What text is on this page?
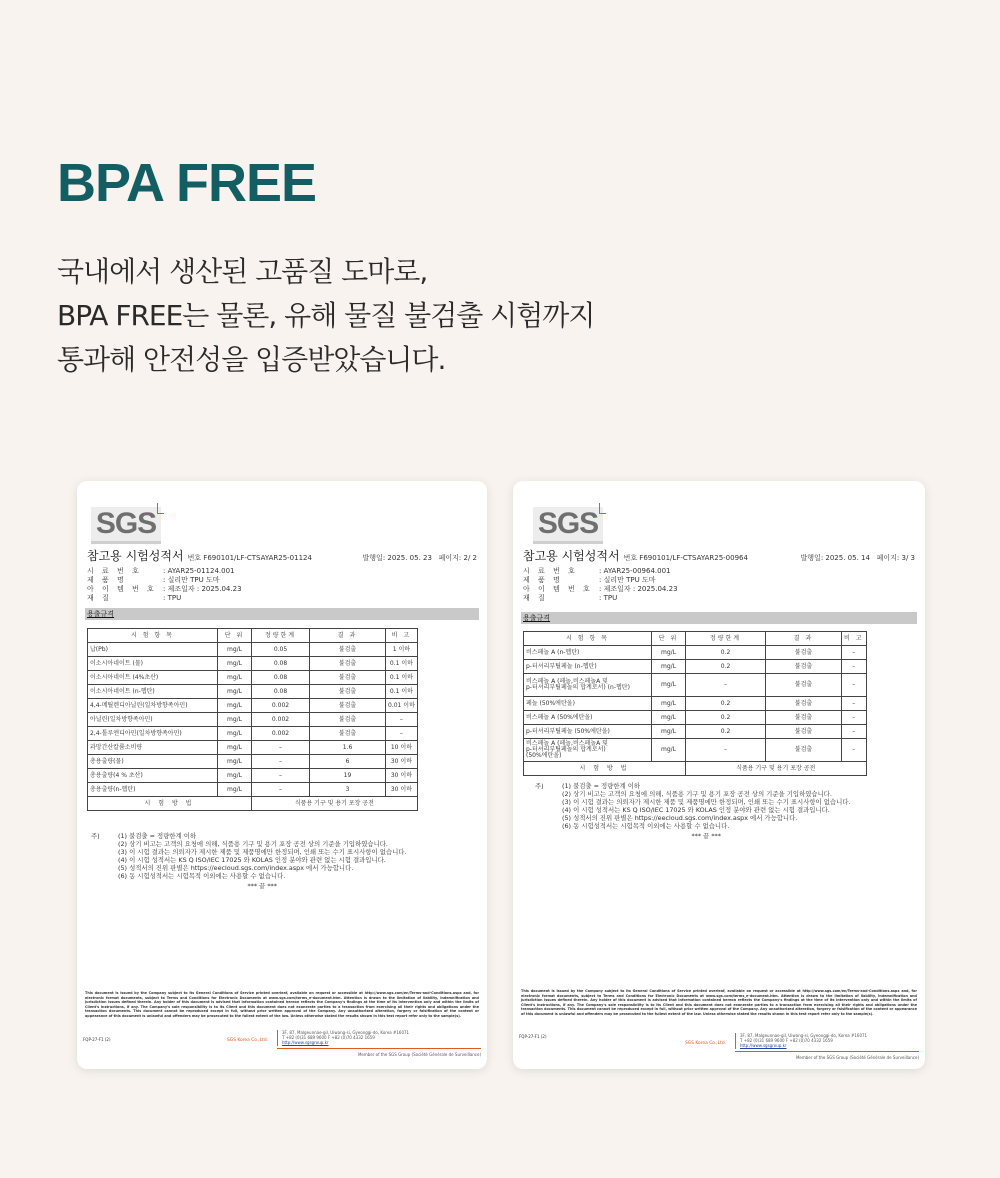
BPA FREE
국내에서 생산된 고품질 도마로,
BPA FREE는 물론, 유해 물질 불검출 시험까지
통과해 안전성을 입증받았습니다.
SGS
참고용 시험성적서 번호 F690101/LF-CTSAYAR25-01124	발행일: 2025. 05. 23 페이지: 2/ 2
시 료 번 호	: AYAR25-01124.001
제 품 명	: 실리만 TPU 도마
아 이 템 번 호 : 제조일자 : 2025.04.23
재 질	: TPU
용출규격
시 험 항 목	단 위	정량한계	결 과	비 고
납(Pb)	mg/L	0.05	불검출	1 이하
이소시아네이트 (물)	mg/L	0.08	불검출	0.1 이하
이소시아네이트 (4%초산)	mg/L	0.08	불검출	0.1 이하
이소시아네이트 (n-헵탄)	mg/L	0.08	불검출	0.1 이하
4,4-메틸렌디아닐린(일차방향족아민)	mg/L	0.002	불검출	0.01 이하
아닐린(일차방향족아민)	mg/L	0.002	불검출	–
2,4-톨루엔디아민(일차방향족아민)	mg/L	0.002	불검출	–
과망간산칼륨소비량	mg/L	–	1.6	10 이하
총용출량(물)	mg/L	–	6	30 이하
총용출량(4 % 초산)	mg/L	–	19	30 이하
총용출량(n-헵탄)	mg/L	–	3	30 이하
시 험 방 법		식품용 기구 및 용기 포장 공전		
주)	(1) 불검출 = 정량한계 이하
(2) 상기 비고는 고객의 요청에 의해, 식품용 기구 및 용기 포장 공전 상의 기준을 기입하였습니다.
(3) 이 시험 결과는 의뢰자가 제시한 제품 및 제품명에만 한정되며, 인쇄 또는 수기 표시사항이 없습니다.
(4) 이 시험 성적서는 KS Q ISO/IEC 17025 와 KOLAS 인정 분야와 관련 없는 시험 결과입니다.
(5) 성적서의 진위 판별은 https://eecloud.sgs.com/index.aspx 에서 가능합니다.
(6) 동 시험성적서는 시험목적 이외에는 사용할 수 없습니다.
*** 끝 ***
This document is issued by the Company subject to its General Conditions of Service printed overleaf, available on request or accessible at http://www.sgs.com/en/Terms-and-Conditions.aspx and, for electronic format documents, subject to Terms and Conditions for Electronic Documents at www.sgs.com/terms_e-document.htm. Attention is drawn to the limitation of liability, indemnification and jurisdiction issues defined therein. Any holder of this document is advised that information contained hereon reflects the Company's findings at the time of its intervention only and within the limits of Client's instructions, if any. The Company's sole responsibility is to its Client and this document does not exonerate parties to a transaction from exercising all their rights and obligations under the transaction documents. This document cannot be reproduced except in full, without prior written approval of the Company. Any unauthorized alteration, forgery or falsification of the content or appearance of this document is unlawful and offenders may be prosecuted to the fullest extent of the law. Unless otherwise stated the results shown in this test report refer only to the sample(s).
FQP-27-F1 (2)	SGS Korea Co.,Ltd.
3F, 87, Malgeunnae-gil, Uiwang-si, Gyeonggi-do, Korea #16071
T +82 (0)31 689 9600 F +82 (0)70 4332 1659
http://www.sgsgroup.kr
Member of the SGS Group (Société Générale de Surveillance)
SGS
참고용 시험성적서 번호 F690101/LF-CTSAYAR25-00964	발행일: 2025. 05. 14 페이지: 3/ 3
시 료 번 호	: AYAR25-00964.001
제 품 명	: 실리만 TPU 도마
아 이 템 번 호 : 제조일자 : 2025.04.23
재 질	: TPU
용출규격
시 험 항 목	단 위	정량한계	결 과	비 고
비스페놀 A (n-헵탄)	mg/L	0.2	불검출	–
p-터셔리부틸페놀 (n-헵탄)	mg/L	0.2	불검출	–
비스페놀 A (페놀,비스페놀A 및
p-터셔리부틸페놀의 합계로서) (n-헵탄)	mg/L	–	불검출	–
페놀 (50%에탄올)	mg/L	0.2	불검출	–
비스페놀 A (50%에탄올)	mg/L	0.2	불검출	–
p-터셔리부틸페놀 (50%에탄올)	mg/L	0.2	불검출	–
비스페놀 A (페놀,비스페놀A 및
p-터셔리부틸페놀의 합계로서)
(50%에탄올)	mg/L	–	불검출	–
시 험 방 법		식품용 기구 및 용기 포장 공전		
주)	(1) 불검출 = 정량한계 이하
(2) 상기 비고는 고객의 요청에 의해, 식품용 기구 및 용기 포장 공전 상의 기준을 기입하였습니다.
(3) 이 시험 결과는 의뢰자가 제시한 제품 및 제품명에만 한정되며, 인쇄 또는 수기 표시사항이 없습니다.
(4) 이 시험 성적서는 KS Q ISO/IEC 17025 와 KOLAS 인정 분야와 관련 없는 시험 결과입니다.
(5) 성적서의 진위 판별은 https://eecloud.sgs.com/index.aspx 에서 가능합니다.
(6) 동 시험성적서는 시험목적 이외에는 사용할 수 없습니다.
*** 끝 ***
This document is issued by the Company subject to its General Conditions of Service printed overleaf, available on request or accessible at http://www.sgs.com/en/Terms-and-Conditions.aspx and, for electronic format documents, subject to Terms and Conditions for Electronic Documents at www.sgs.com/terms_e-document.htm. Attention is drawn to the limitation of liability, indemnification and jurisdiction issues defined therein. Any holder of this document is advised that information contained hereon reflects the Company's findings at the time of its intervention only and within the limits of Client's instructions, if any. The Company's sole responsibility is to its Client and this document does not exonerate parties to a transaction from exercising all their rights and obligations under the transaction documents. This document cannot be reproduced except in full, without prior written approval of the Company. Any unauthorized alteration, forgery or falsification of the content or appearance of this document is unlawful and offenders may be prosecuted to the fullest extent of the law. Unless otherwise stated the results shown in this test report refer only to the sample(s).
FQP-27-F1 (2)
SGS Korea Co.,Ltd.
3F, 87, Malgeunnae-gil, Uiwang-si, Gyeonggi-do, Korea #16071
T +82 (0)31 689 9600 F +82 (0)70 4332 1659
http://www.sgsgroup.kr
Member of the SGS Group (Société Générale de Surveillance)
